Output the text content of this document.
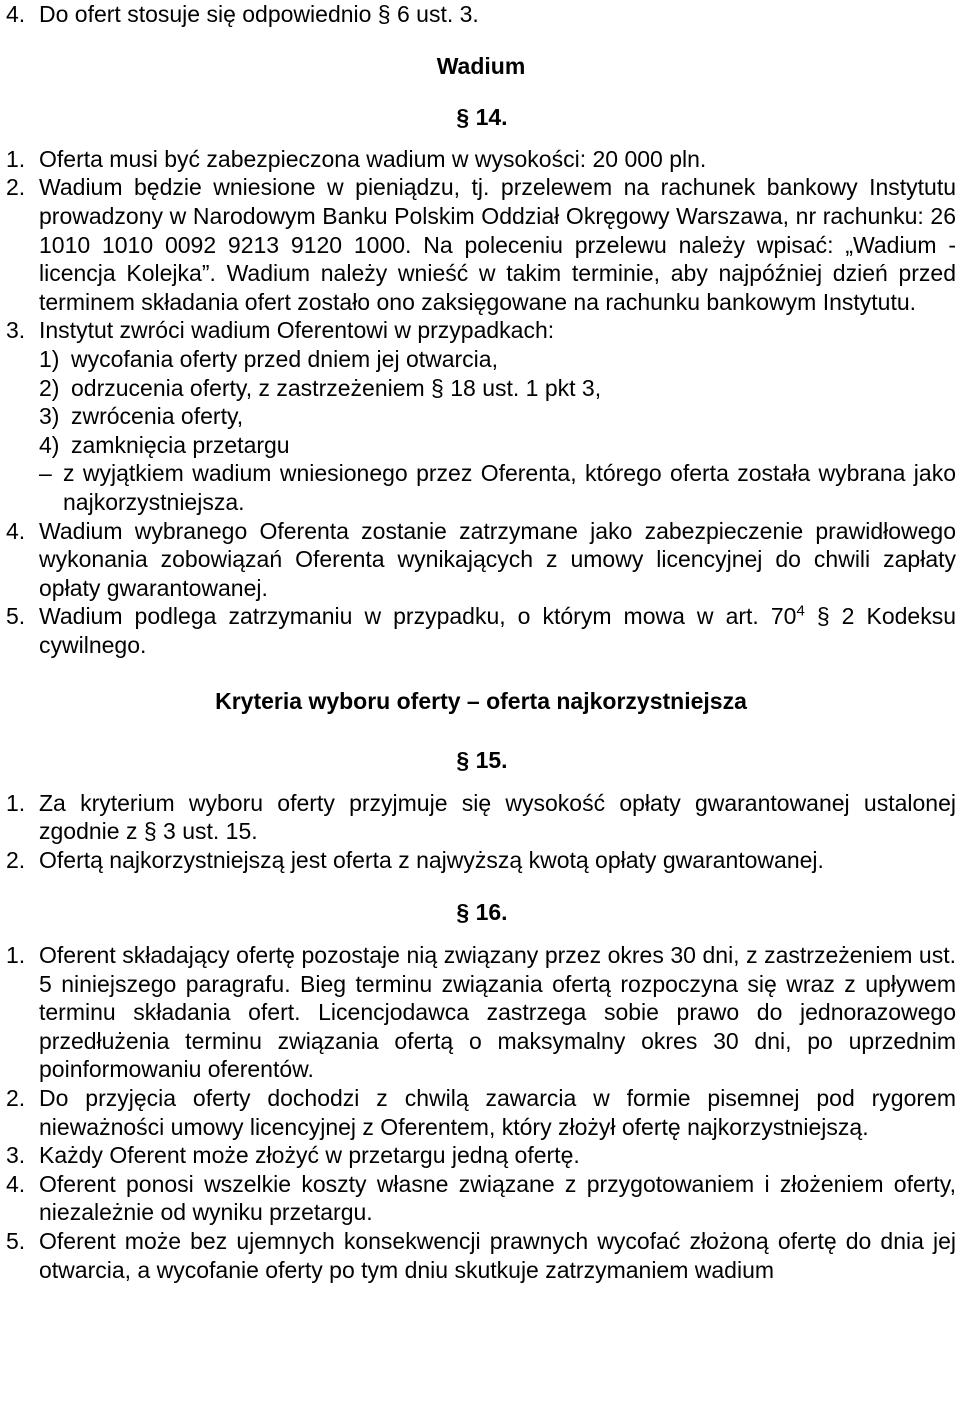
4. Do ofert stosuje się odpowiednio § 6 ust. 3.
Wadium
§ 14.
1. Oferta musi być zabezpieczona wadium w wysokości: 20 000 pln.
2. Wadium będzie wniesione w pieniądzu, tj. przelewem na rachunek bankowy Instytutu prowadzony w Narodowym Banku Polskim Oddział Okręgowy Warszawa, nr rachunku: 26 1010 1010 0092 9213 9120 1000. Na poleceniu przelewu należy wpisać: „Wadium - licencja Kolejka”. Wadium należy wnieść w takim terminie, aby najpóźniej dzień przed terminem składania ofert zostało ono zaksięgowane na rachunku bankowym Instytutu.
3. Instytut zwróci wadium Oferentowi w przypadkach:
1) wycofania oferty przed dniem jej otwarcia,
2) odrzucenia oferty, z zastrzeżeniem § 18 ust. 1 pkt 3,
3) zwrócenia oferty,
4) zamknięcia przetargu
– z wyjątkiem wadium wniesionego przez Oferenta, którego oferta została wybrana jako najkorzystniejsza.
4. Wadium wybranego Oferenta zostanie zatrzymane jako zabezpieczenie prawidłowego wykonania zobowiązań Oferenta wynikających z umowy licencyjnej do chwili zapłaty opłaty gwarantowanej.
5. Wadium podlega zatrzymaniu w przypadku, o którym mowa w art. $70^4$ § 2 Kodeksu cywilnego.
Kryteria wyboru oferty – oferta najkorzystniejsza
§ 15.
1. Za kryterium wyboru oferty przyjmuje się wysokość opłaty gwarantowanej ustalonej zgodnie z § 3 ust. 15.
2. Ofertą najkorzystniejszą jest oferta z najwyższą kwotą opłaty gwarantowanej.
§ 16.
1. Oferent składający ofertę pozostaje nią związany przez okres 30 dni, z zastrzeżeniem ust. 5 niniejszego paragrafu. Bieg terminu związania ofertą rozpoczyna się wraz z upływem terminu składania ofert. Licencjodawca zastrzega sobie prawo do jednorazowego przedłużenia terminu związania ofertą o maksymalny okres 30 dni, po uprzednim poinformowaniu oferentów.
2. Do przyjęcia oferty dochodzi z chwilą zawarcia w formie pisemnej pod rygorem nieważności umowy licencyjnej z Oferentem, który złożył ofertę najkorzystniejszą.
3. Każdy Oferent może złożyć w przetargu jedną ofertę.
4. Oferent ponosi wszelkie koszty własne związane z przygotowaniem i złożeniem oferty, niezależnie od wyniku przetargu.
5. Oferent może bez ujemnych konsekwencji prawnych wycofać złożoną ofertę do dnia jej otwarcia, a wycofanie oferty po tym dniu skutkuje zatrzymaniem wadium
